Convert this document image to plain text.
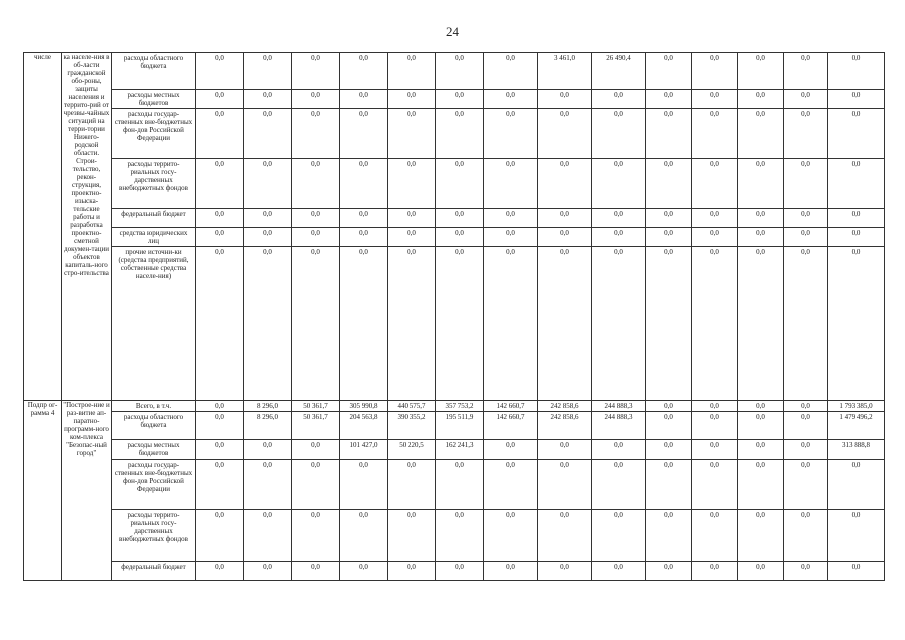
24
числе	ка населе-ния в об-ласти гражданской обо-роны, защиты населения и террито-рий от чрезвы-чайных ситуаций на терри-тории Нижего-родской области. Строи-тельство, рекон-струкция, проектно-изыска-тельские работы и разработка проектно-сметной докумен-тации объектов капиталь-ного стро-ительства	расходы областного бюджета	0,0	0,0	0,0	0,0	0,0	0,0	0,0	3 461,0	26 490,4	0,0	0,0	0,0	0,0	0,0
		расходы местных бюджетов	0,0	0,0	0,0	0,0	0,0	0,0	0,0	0,0	0,0	0,0	0,0	0,0	0,0	0,0
		расходы государ-ственных вне-бюджетных фон-дов Российской Федерации	0,0	0,0	0,0	0,0	0,0	0,0	0,0	0,0	0,0	0,0	0,0	0,0	0,0	0,0
		расходы террито-риальных госу-дарственных внебюджетных фондов	0,0	0,0	0,0	0,0	0,0	0,0	0,0	0,0	0,0	0,0	0,0	0,0	0,0	0,0
		федеральный бюджет	0,0	0,0	0,0	0,0	0,0	0,0	0,0	0,0	0,0	0,0	0,0	0,0	0,0	0,0
		средства юридических лиц	0,0	0,0	0,0	0,0	0,0	0,0	0,0	0,0	0,0	0,0	0,0	0,0	0,0	0,0
		прочие источни-ки (средства предприятий, собственные средства населе-ния)	0,0	0,0	0,0	0,0	0,0	0,0	0,0	0,0	0,0	0,0	0,0	0,0	0,0	0,0
Подпр ог-рамма 4	"Построе-ние и раз-витие ап-паратно-программ-ного ком-плекса "Безопас-ный город"	Всего, в т.ч.	0,0	8 296,0	50 361,7	305 990,8	440 575,7	357 753,2	142 660,7	242 858,6	244 888,3	0,0	0,0	0,0	0,0	1 793 385,0
		расходы областного бюджета	0,0	8 296,0	50 361,7	204 563,8	390 355,2	195 511,9	142 660,7	242 858,6	244 888,3	0,0	0,0	0,0	0,0	1 479 496,2
		расходы местных бюджетов	0,0	0,0	0,0	101 427,0	50 220,5	162 241,3	0,0	0,0	0,0	0,0	0,0	0,0	0,0	313 888,8
		расходы государ-ственных вне-бюджетных фон-дов Российской Федерации	0,0	0,0	0,0	0,0	0,0	0,0	0,0	0,0	0,0	0,0	0,0	0,0	0,0	0,0
		расходы террито-риальных госу-дарственных внебюджетных фондов	0,0	0,0	0,0	0,0	0,0	0,0	0,0	0,0	0,0	0,0	0,0	0,0	0,0	0,0
		федеральный бюджет	0,0	0,0	0,0	0,0	0,0	0,0	0,0	0,0	0,0	0,0	0,0	0,0	0,0	0,0
